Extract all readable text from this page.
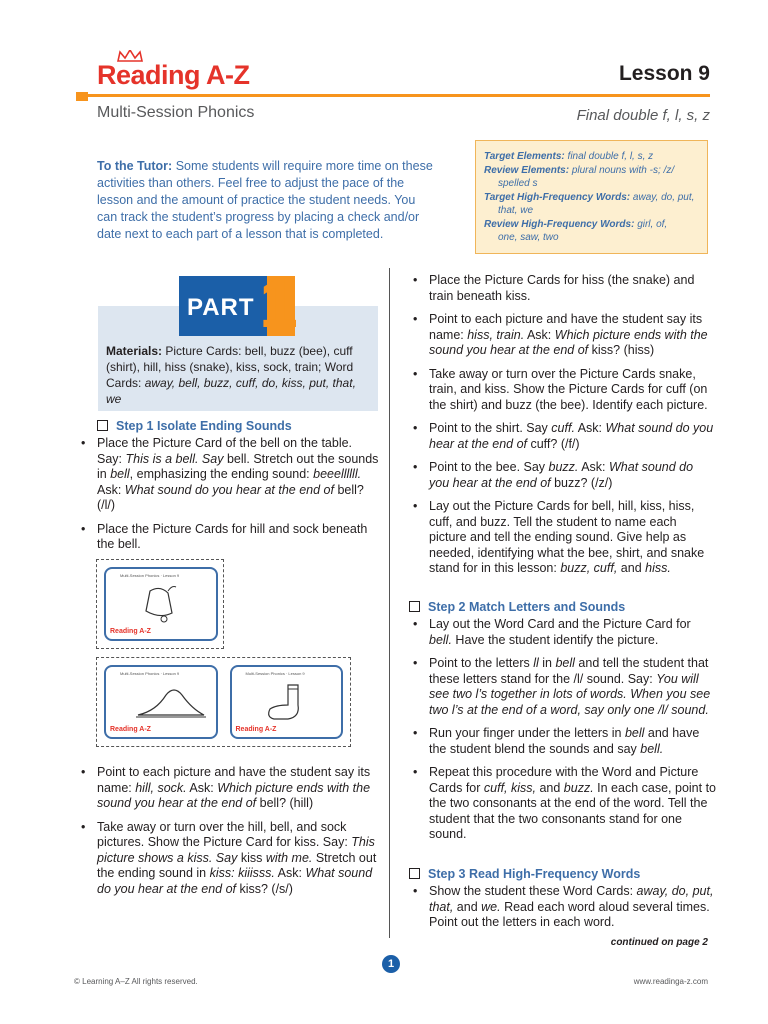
Reading A-Z	Lesson 9
Multi-Session Phonics	Final double f, l, s, z
To the Tutor: Some students will require more time on these activities than others. Feel free to adjust the pace of the lesson and the amount of practice the student needs. You can track the student’s progress by placing a check and/or date next to each part of a lesson that is completed.
Target Elements: final double f, l, s, z
Review Elements: plural nouns with -s; /z/
spelled s
Target High-Frequency Words: away, do, put,
that, we
Review High-Frequency Words: girl, of,
one, saw, two
Materials: Picture Cards: bell, buzz (bee), cuff (shirt), hill, hiss (snake), kiss, sock, train; Word Cards: away, bell, buzz, cuff, do, kiss, put, that, we
PART 1
Step 1 Isolate Ending Sounds
• Place the Picture Card of the bell on the table. Say: This is a bell. Say bell. Stretch out the sounds in bell, emphasizing the ending sound: beeellllll. Ask: What sound do you hear at the end of bell? (/l/)
• Place the Picture Cards for hill and sock beneath the bell.
Multi-Session Phonics · Lesson 9
Reading A-Z
Multi-Session Phonics · Lesson 9
Reading A-Z
Multi-Session Phonics · Lesson 9
Reading A-Z
• Point to each picture and have the student say its name: hill, sock. Ask: Which picture ends with the sound you hear at the end of bell? (hill)
• Take away or turn over the hill, bell, and sock pictures. Show the Picture Card for kiss. Say: This picture shows a kiss. Say kiss with me. Stretch out the ending sound in kiss: kiiisss. Ask: What sound do you hear at the end of kiss? (/s/)
• Place the Picture Cards for hiss (the snake) and train beneath kiss.
• Point to each picture and have the student say its name: hiss, train. Ask: Which picture ends with the sound you hear at the end of kiss? (hiss)
• Take away or turn over the Picture Cards snake, train, and kiss. Show the Picture Cards for cuff (on the shirt) and buzz (the bee). Identify each picture.
• Point to the shirt. Say cuff. Ask: What sound do you hear at the end of cuff? (/f/)
• Point to the bee. Say buzz. Ask: What sound do you hear at the end of buzz? (/z/)
• Lay out the Picture Cards for bell, hill, kiss, hiss, cuff, and buzz. Tell the student to name each picture and tell the ending sound. Give help as needed, identifying what the bee, shirt, and snake stand for in this lesson: buzz, cuff, and hiss.
Step 2 Match Letters and Sounds
• Lay out the Word Card and the Picture Card for bell. Have the student identify the picture.
• Point to the letters ll in bell and tell the student that these letters stand for the /l/ sound. Say: You will see two l’s together in lots of words. When you see two l’s at the end of a word, say only one /l/ sound.
• Run your finger under the letters in bell and have the student blend the sounds and say bell.
• Repeat this procedure with the Word and Picture Cards for cuff, kiss, and buzz. In each case, point to the two consonants at the end of the word. Tell the student that the two consonants stand for one sound.
Step 3 Read High-Frequency Words
• Show the student these Word Cards: away, do, put, that, and we. Read each word aloud several times. Point out the letters in each word.
continued on page 2
1
© Learning A–Z All rights reserved.	www.readinga-z.com
